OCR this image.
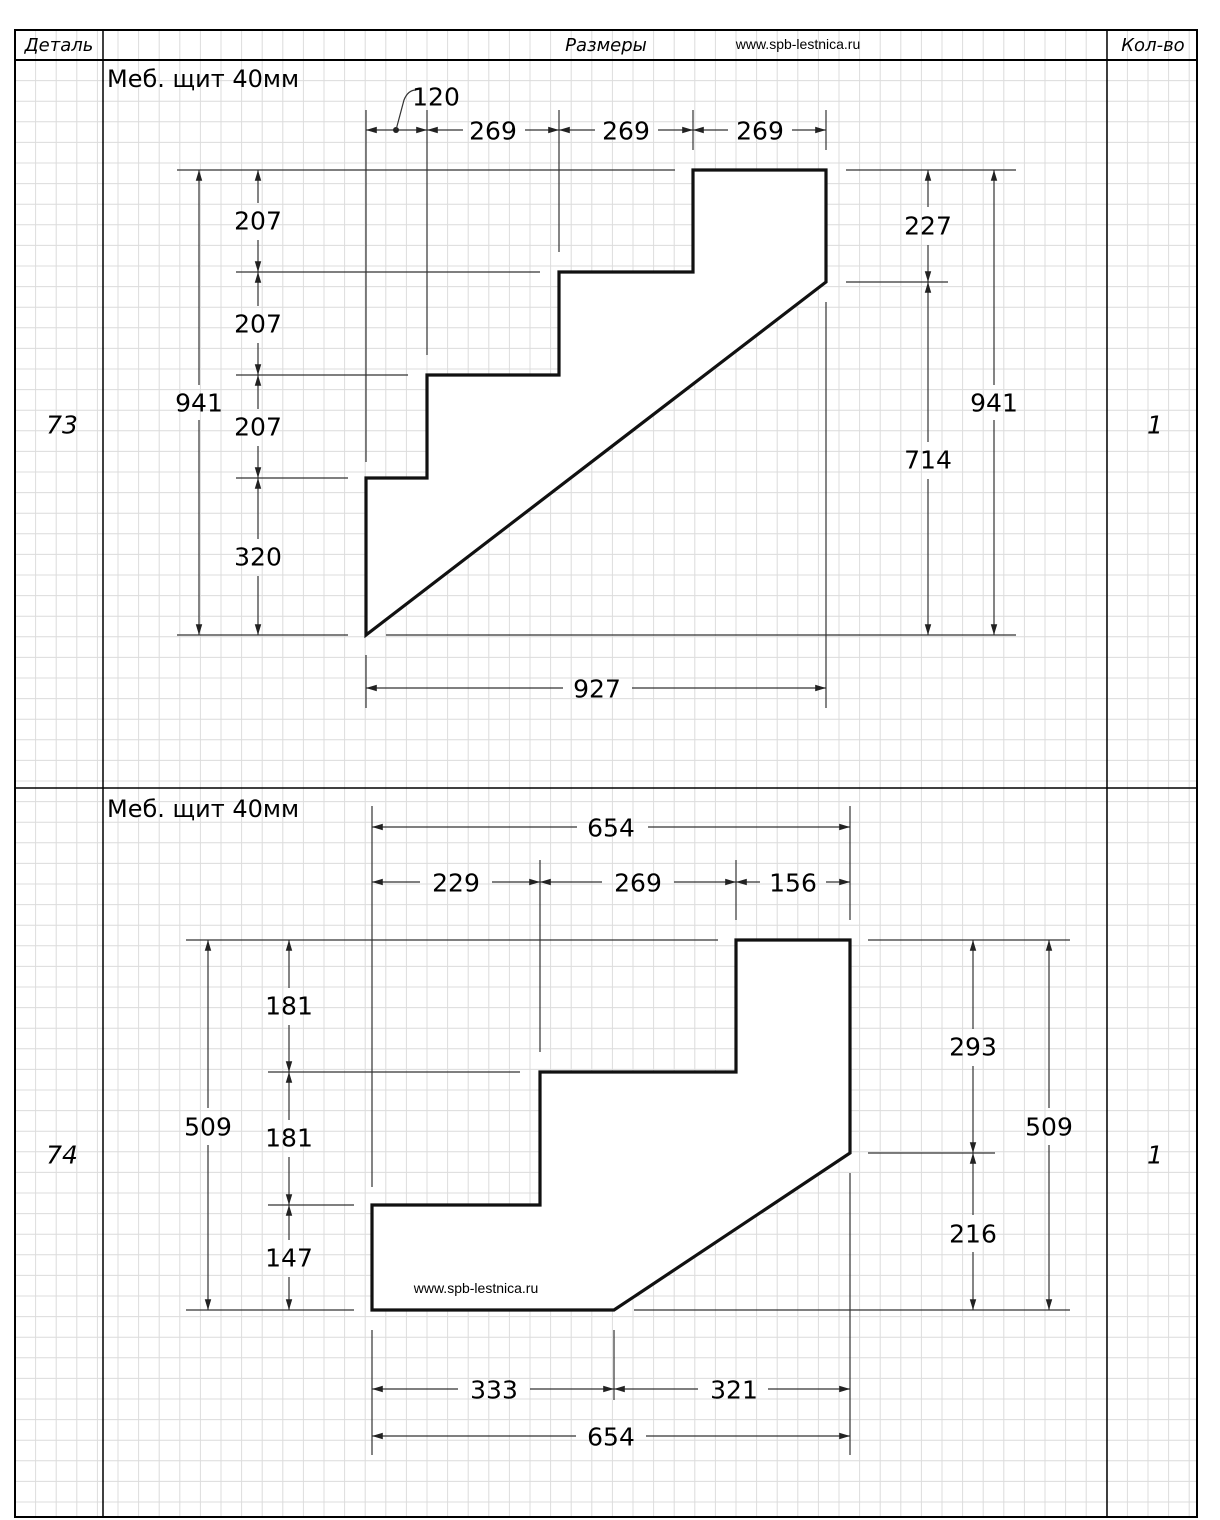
Деталь	Размеры	www.spb-lestnica.ru	Кол-во
73	1
Меб. щит 40мм
120
269	269	269
941
207
207
207
320
227
714
941
927
74	1
Меб. щит 40мм
www.spb-lestnica.ru
654
229	269	156
509
181
181
147
293
216
509
333	321
654
